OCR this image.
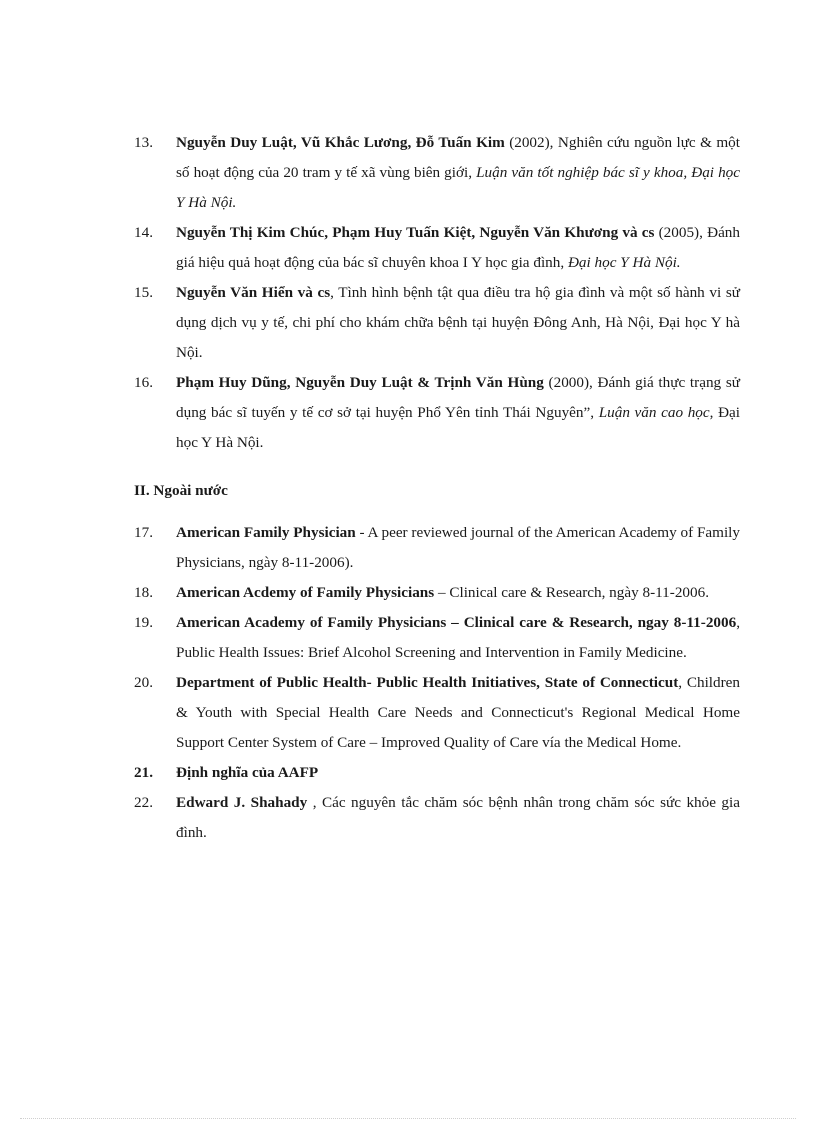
13.	Nguyễn Duy Luật, Vũ Khắc Lương, Đỗ Tuấn Kim (2002), Nghiên cứu nguồn lực & một số hoạt động của 20 tram y tế xã vùng biên giới, Luận văn tốt nghiệp bác sĩ y khoa, Đại học Y Hà Nội.
14.	Nguyễn Thị Kim Chúc, Phạm Huy Tuấn Kiệt, Nguyễn Văn Khương và cs (2005), Đánh giá hiệu quả hoạt động của bác sĩ chuyên khoa I Y học gia đình, Đại học Y Hà Nội.
15.	Nguyễn Văn Hiển và cs, Tình hình bệnh tật qua điều tra hộ gia đình và một số hành vi sử dụng dịch vụ y tế, chi phí cho khám chữa bệnh tại huyện Đông Anh, Hà Nội, Đại học Y hà Nội.
16.	Phạm Huy Dũng, Nguyễn Duy Luật & Trịnh Văn Hùng (2000), Đánh giá thực trạng sử dụng bác sĩ tuyến y tế cơ sở tại huyện Phổ Yên tỉnh Thái Nguyên”, Luận văn cao học, Đại học Y Hà Nội.
II. Ngoài nước
17.	American Family Physician - A peer reviewed journal of the American Academy of Family Physicians, ngày 8-11-2006).
18.	American Acdemy of Family Physicians – Clinical care & Research, ngày 8-11-2006.
19.	American Academy of Family Physicians – Clinical care & Research, ngay 8-11-2006, Public Health Issues: Brief Alcohol Screening and Intervention in Family Medicine.
20.	Department of Public Health- Public Health Initiatives, State of Connecticut, Children & Youth with Special Health Care Needs and Connecticut's Regional Medical Home Support Center System of Care – Improved Quality of Care vía the Medical Home.
21.	Định nghĩa của AAFP
22.	Edward J. Shahady , Các nguyên tắc chăm sóc bệnh nhân trong chăm sóc sức khỏe gia đình.
